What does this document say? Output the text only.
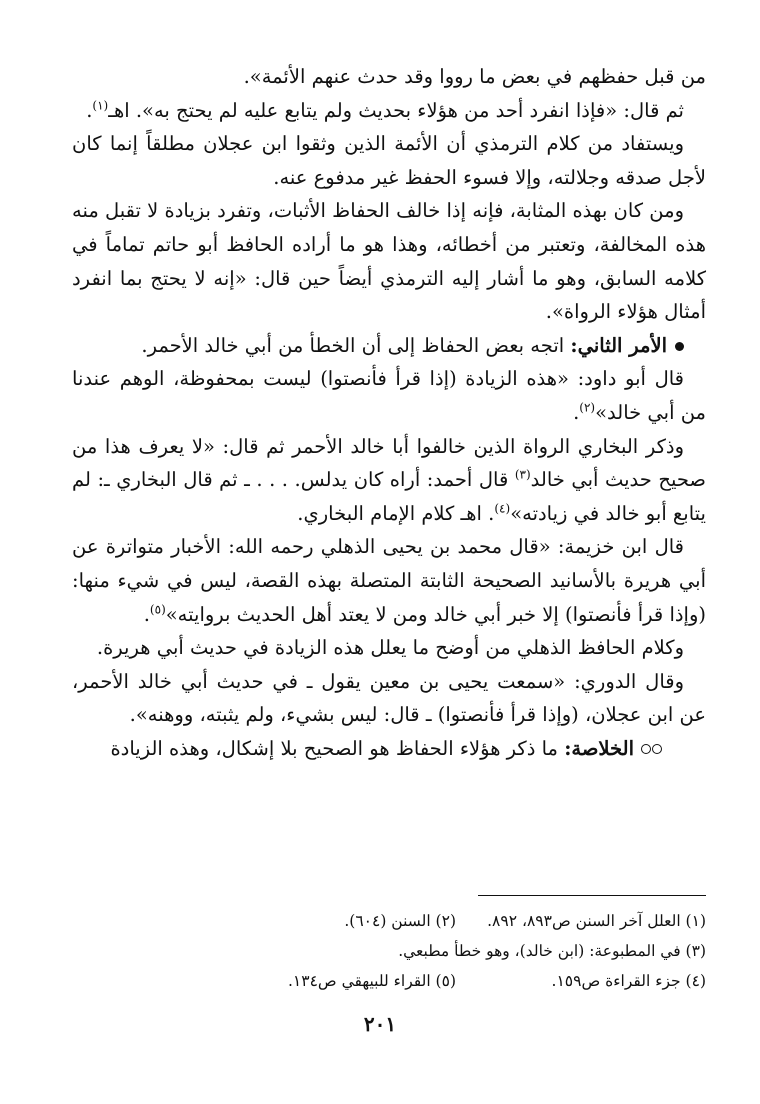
من قبل حفظهم في بعض ما رووا وقد حدث عنهم الأئمة».

ثم قال: «فإذا انفرد أحد من هؤلاء بحديث ولم يتابع عليه لم يحتج به». اهـ$^{(١)}$.

ويستفاد من كلام الترمذي أن الأئمة الذين وثقوا ابن عجلان مطلقاً إنما كان لأجل صدقه وجلالته، وإلا فسوء الحفظ غير مدفوع عنه.

ومن كان بهذه المثابة، فإنه إذا خالف الحفاظ الأثبات، وتفرد بزيادة لا تقبل منه هذه المخالفة، وتعتبر من أخطائه، وهذا هو ما أراده الحافظ أبو حاتم تماماً في كلامه السابق، وهو ما أشار إليه الترمذي أيضاً حين قال: «إنه لا يحتج بما انفرد أمثال هؤلاء الرواة».

الأمر الثاني: اتجه بعض الحفاظ إلى أن الخطأ من أبي خالد الأحمر.

قال أبو داود: «هذه الزيادة (إذا قرأ فأنصتوا) ليست بمحفوظة، الوهم عندنا من أبي خالد»$^{(٢)}$.

وذكر البخاري الرواة الذين خالفوا أبا خالد الأحمر ثم قال: «لا يعرف هذا من صحيح حديث أبي خالد$^{(٣)}$ قال أحمد: أراه كان يدلس. . . . ـ ثم قال البخاري ـ: لم يتابع أبو خالد في زيادته»$^{(٤)}$. اهـ كلام الإمام البخاري.

قال ابن خزيمة: «قال محمد بن يحيى الذهلي رحمه الله: الأخبار متواترة عن أبي هريرة بالأسانيد الصحيحة الثابتة المتصلة بهذه القصة، ليس في شيء منها: (وإذا قرأ فأنصتوا) إلا خبر أبي خالد ومن لا يعتد أهل الحديث بروايته»$^{(٥)}$.

وكلام الحافظ الذهلي من أوضح ما يعلل هذه الزيادة في حديث أبي هريرة.

وقال الدوري: «سمعت يحيى بن معين يقول ـ في حديث أبي خالد الأحمر، عن ابن عجلان، (وإذا قرأ فأنصتوا) ـ قال: ليس بشيء، ولم يثبته، ووهنه».

الخلاصة: ما ذكر هؤلاء الحفاظ هو الصحيح بلا إشكال، وهذه الزيادة

(١) العلل آخر السنن ص٨٩٣، ٨٩٢.
(٢) السنن (٦٠٤).
(٣) في المطبوعة: (ابن خالد)، وهو خطأ مطبعي.
(٤) جزء القراءة ص١٥٩.
(٥) القراء للبيهقي ص١٣٤.
٢٠١
